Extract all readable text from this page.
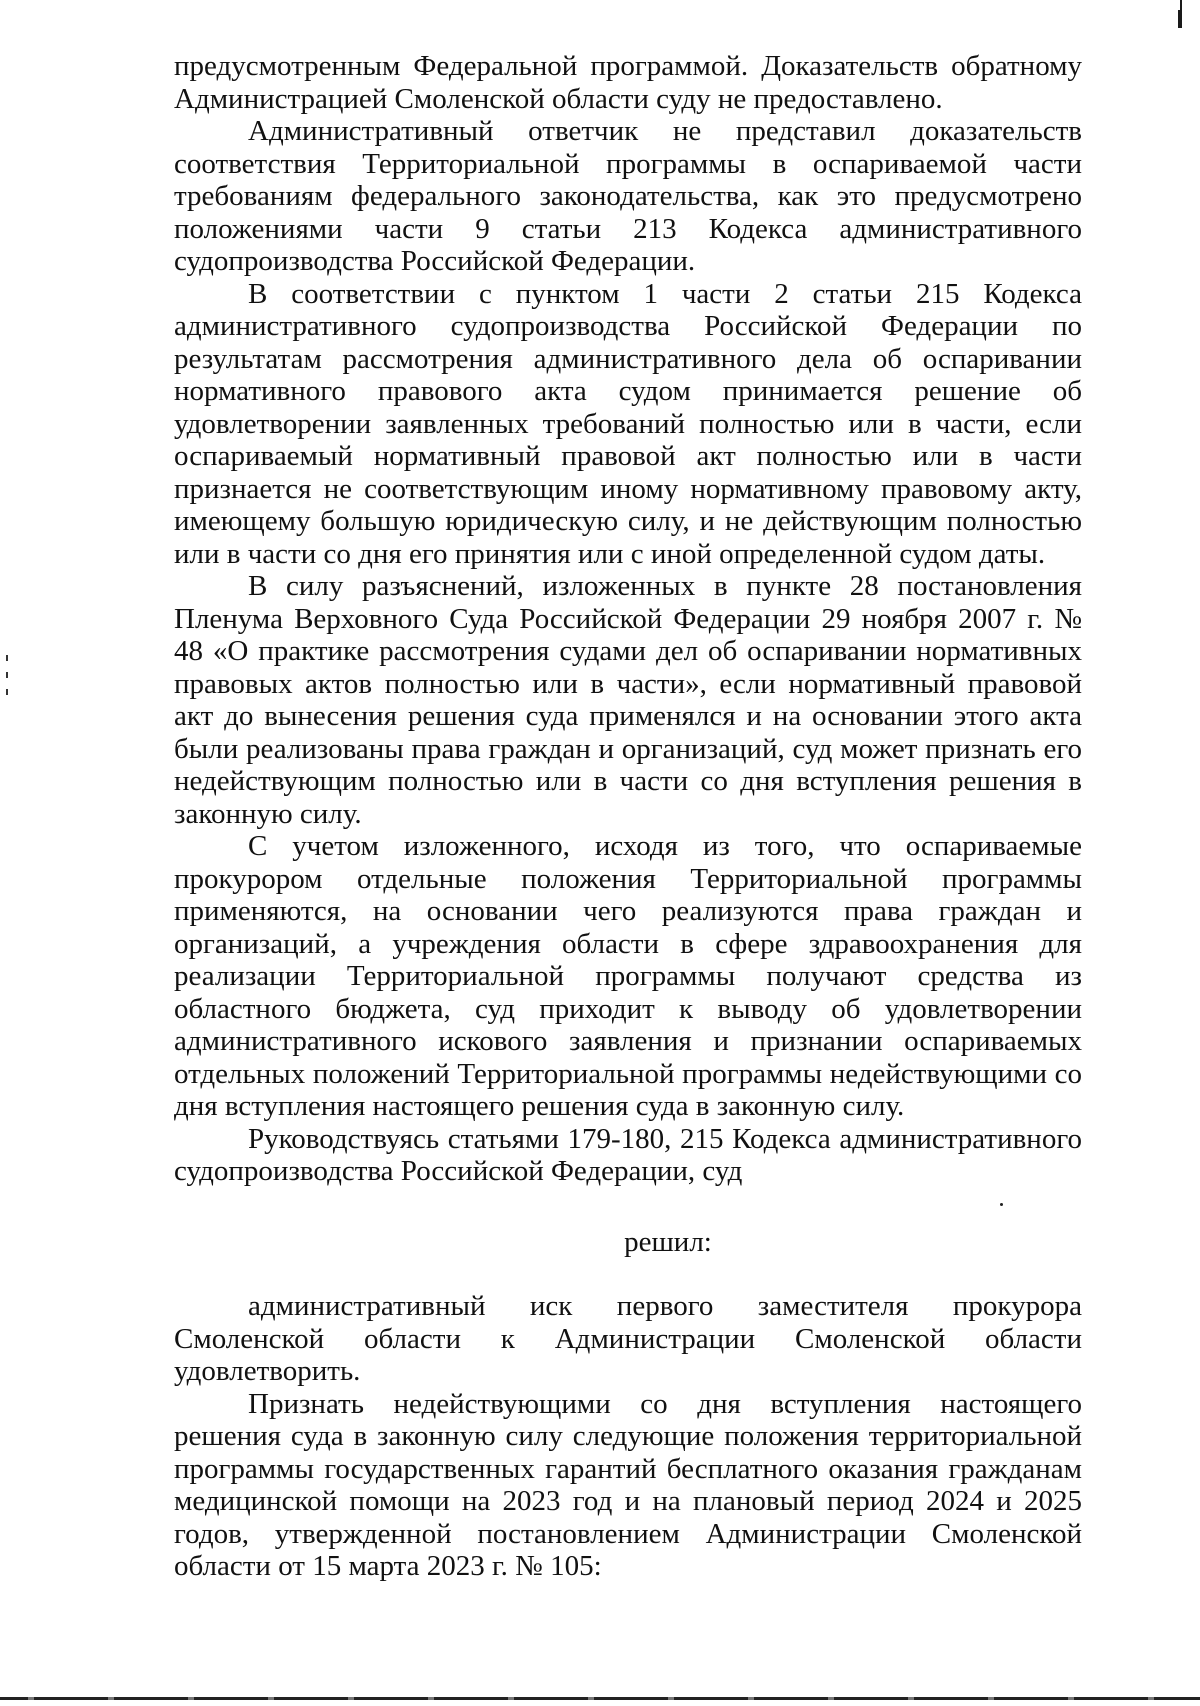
предусмотренным Федеральной программой. Доказательств обратному Администрацией Смоленской области суду не предоставлено.

Административный ответчик не представил доказательств соответствия Территориальной программы в оспариваемой части требованиям федерального законодательства, как это предусмотрено положениями части 9 статьи 213 Кодекса административного судопроизводства Российской Федерации.

В соответствии с пунктом 1 части 2 статьи 215 Кодекса административного судопроизводства Российской Федерации по результатам рассмотрения административного дела об оспаривании нормативного правового акта судом принимается решение об удовлетворении заявленных требований полностью или в части, если оспариваемый нормативный правовой акт полностью или в части признается не соответствующим иному нормативному правовому акту, имеющему большую юридическую силу, и не действующим полностью или в части со дня его принятия или с иной определенной судом даты.

В силу разъяснений, изложенных в пункте 28 постановления Пленума Верховного Суда Российской Федерации 29 ноября 2007 г. № 48 «О практике рассмотрения судами дел об оспаривании нормативных правовых актов полностью или в части», если нормативный правовой акт до вынесения решения суда применялся и на основании этого акта были реализованы права граждан и организаций, суд может признать его недействующим полностью или в части со дня вступления решения в законную силу.

С учетом изложенного, исходя из того, что оспариваемые прокурором отдельные положения Территориальной программы применяются, на основании чего реализуются права граждан и организаций, а учреждения области в сфере здравоохранения для реализации Территориальной программы получают средства из областного бюджета, суд приходит к выводу об удовлетворении административного искового заявления и признании оспариваемых отдельных положений Территориальной программы недействующими со дня вступления настоящего решения суда в законную силу.

Руководствуясь статьями 179-180, 215 Кодекса административного судопроизводства Российской Федерации, суд

решил:

административный иск первого заместителя прокурора Смоленской области к Администрации Смоленской области удовлетворить.

Признать недействующими со дня вступления настоящего решения суда в законную силу следующие положения территориальной программы государственных гарантий бесплатного оказания гражданам медицинской помощи на 2023 год и на плановый период 2024 и 2025 годов, утвержденной постановлением Администрации Смоленской области от 15 марта 2023 г. № 105:
